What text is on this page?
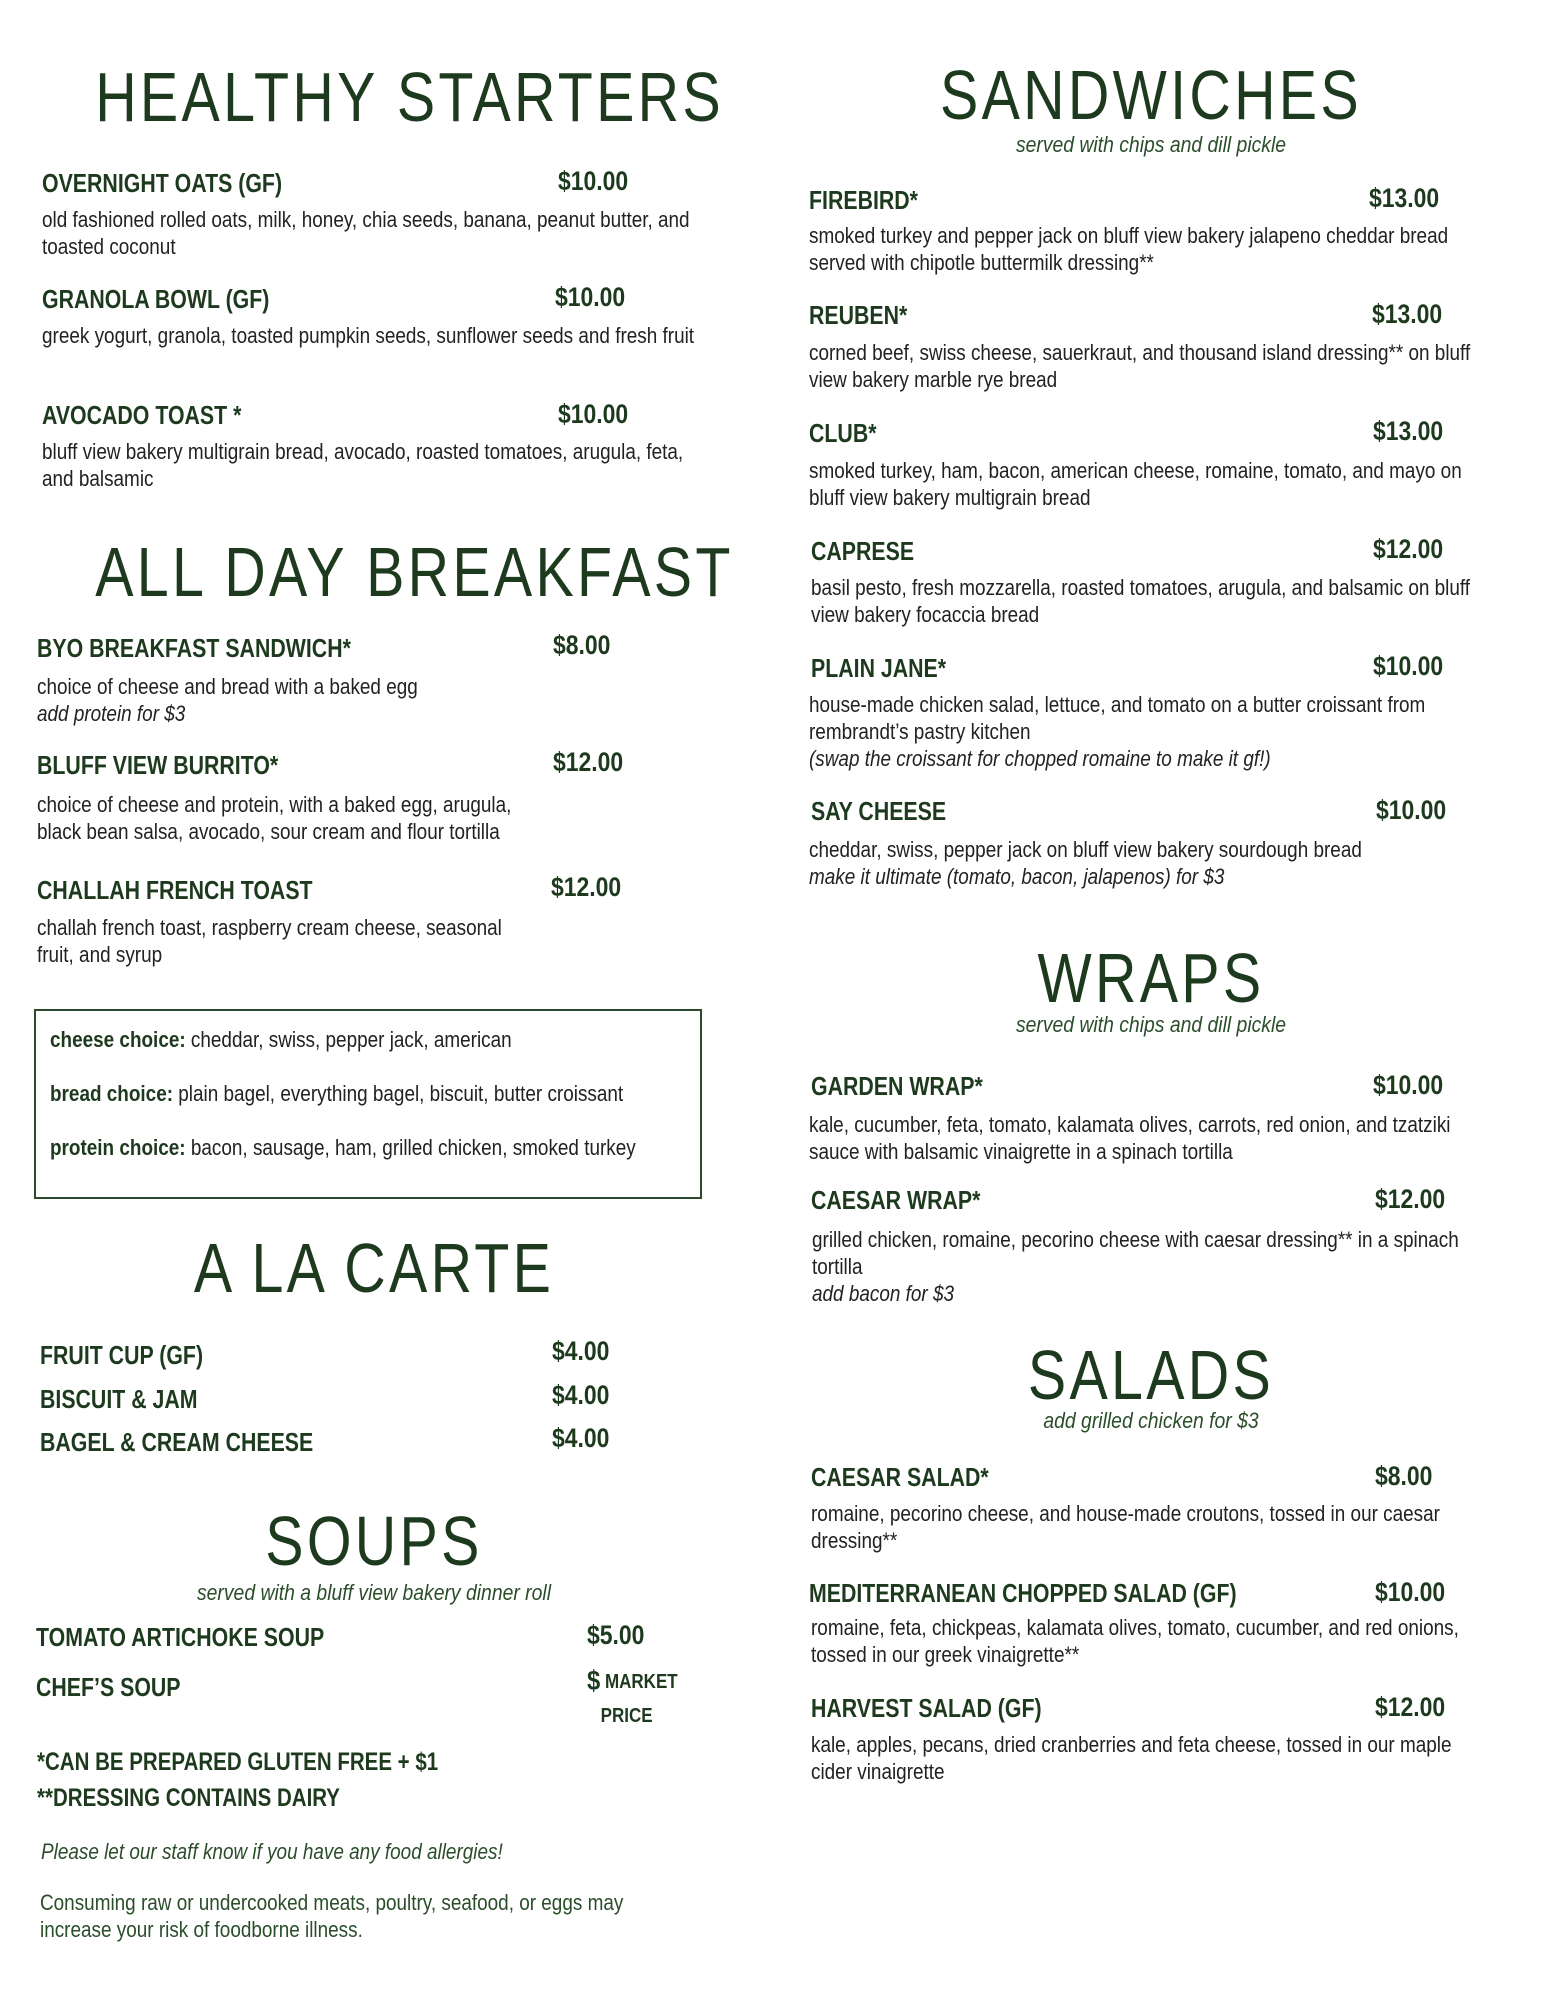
HEALTHY STARTERS
OVERNIGHT OATS (GF)	$10.00
old fashioned rolled oats, milk, honey, chia seeds, banana, peanut butter, and toasted coconut
GRANOLA BOWL (GF)	$10.00
greek yogurt, granola, toasted pumpkin seeds, sunflower seeds and fresh fruit
AVOCADO TOAST *	$10.00
bluff view bakery multigrain bread, avocado, roasted tomatoes, arugula, feta, and balsamic
ALL DAY BREAKFAST
BYO BREAKFAST SANDWICH*	$8.00
choice of cheese and bread with a baked egg
add protein for $3
BLUFF VIEW BURRITO*	$12.00
choice of cheese and protein, with a baked egg, arugula, black bean salsa, avocado, sour cream and flour tortilla
CHALLAH FRENCH TOAST	$12.00
challah french toast, raspberry cream cheese, seasonal fruit, and syrup
cheese choice: cheddar, swiss, pepper jack, american
bread choice: plain bagel, everything bagel, biscuit, butter croissant
protein choice: bacon, sausage, ham, grilled chicken, smoked turkey
A LA CARTE
FRUIT CUP (GF)	$4.00
BISCUIT & JAM	$4.00
BAGEL & CREAM CHEESE	$4.00
SOUPS
served with a bluff view bakery dinner roll
TOMATO ARTICHOKE SOUP	$5.00
CHEF’S SOUP	$ MARKET
PRICE
*CAN BE PREPARED GLUTEN FREE + $1
**DRESSING CONTAINS DAIRY
Please let our staff know if you have any food allergies!
Consuming raw or undercooked meats, poultry, seafood, or eggs may increase your risk of foodborne illness.
SANDWICHES
served with chips and dill pickle
FIREBIRD*	$13.00
smoked turkey and pepper jack on bluff view bakery jalapeno cheddar bread served with chipotle buttermilk dressing**
REUBEN*	$13.00
corned beef, swiss cheese, sauerkraut, and thousand island dressing** on bluff view bakery marble rye bread
CLUB*	$13.00
smoked turkey, ham, bacon, american cheese, romaine, tomato, and mayo on bluff view bakery multigrain bread
CAPRESE	$12.00
basil pesto, fresh mozzarella, roasted tomatoes, arugula, and balsamic on bluff view bakery focaccia bread
PLAIN JANE*	$10.00
house-made chicken salad, lettuce, and tomato on a butter croissant from rembrandt’s pastry kitchen
(swap the croissant for chopped romaine to make it gf!)
SAY CHEESE	$10.00
cheddar, swiss, pepper jack on bluff view bakery sourdough bread
make it ultimate (tomato, bacon, jalapenos) for $3
WRAPS
served with chips and dill pickle
GARDEN WRAP*	$10.00
kale, cucumber, feta, tomato, kalamata olives, carrots, red onion, and tzatziki sauce with balsamic vinaigrette in a spinach tortilla
CAESAR WRAP*	$12.00
grilled chicken, romaine, pecorino cheese with caesar dressing** in a spinach tortilla
add bacon for $3
SALADS
add grilled chicken for $3
CAESAR SALAD*	$8.00
romaine, pecorino cheese, and house-made croutons, tossed in our caesar dressing**
MEDITERRANEAN CHOPPED SALAD (GF)	$10.00
romaine, feta, chickpeas, kalamata olives, tomato, cucumber, and red onions, tossed in our greek vinaigrette**
HARVEST SALAD (GF)	$12.00
kale, apples, pecans, dried cranberries and feta cheese, tossed in our maple cider vinaigrette
